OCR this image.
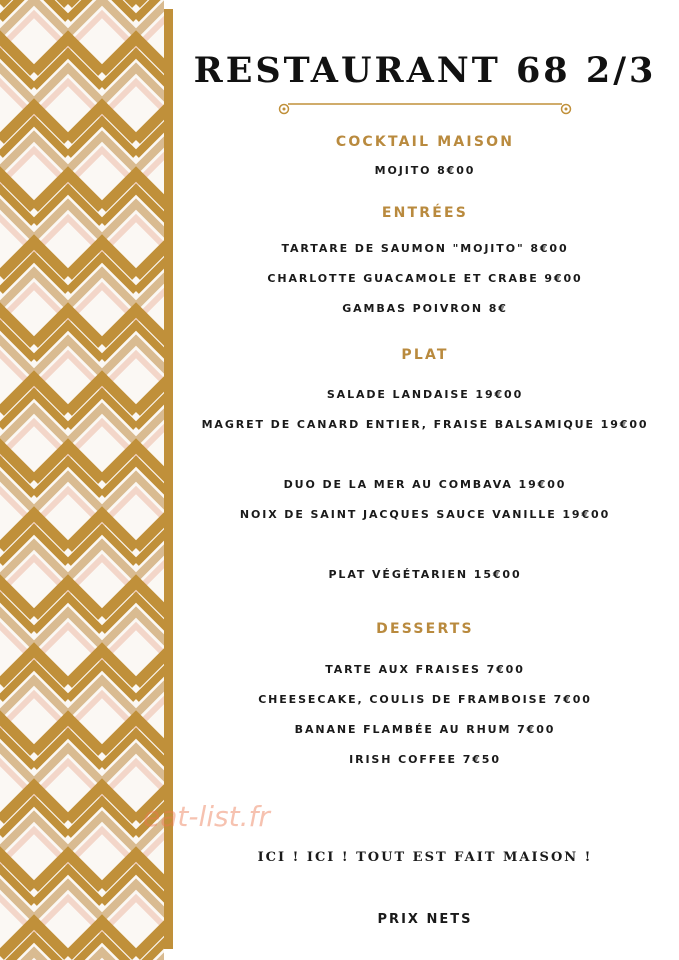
RESTAURANT 68 2/3
COCKTAIL MAISON
MOJITO 8€00
ENTRÉES
TARTARE DE SAUMON "MOJITO" 8€00
CHARLOTTE GUACAMOLE ET CRABE 9€00
GAMBAS POIVRON 8€
PLAT
SALADE LANDAISE 19€00
MAGRET DE CANARD ENTIER, FRAISE BALSAMIQUE 19€00
DUO DE LA MER AU COMBAVA 19€00
NOIX DE SAINT JACQUES SAUCE VANILLE 19€00
PLAT VÉGÉTARIEN 15€00
DESSERTS
TARTE AUX FRAISES 7€00
CHEESECAKE, COULIS DE FRAMBOISE 7€00
BANANE FLAMBÉE AU RHUM 7€00
IRISH COFFEE 7€50
eat-list.fr
ICI ! ICI ! TOUT EST FAIT MAISON !
PRIX NETS
